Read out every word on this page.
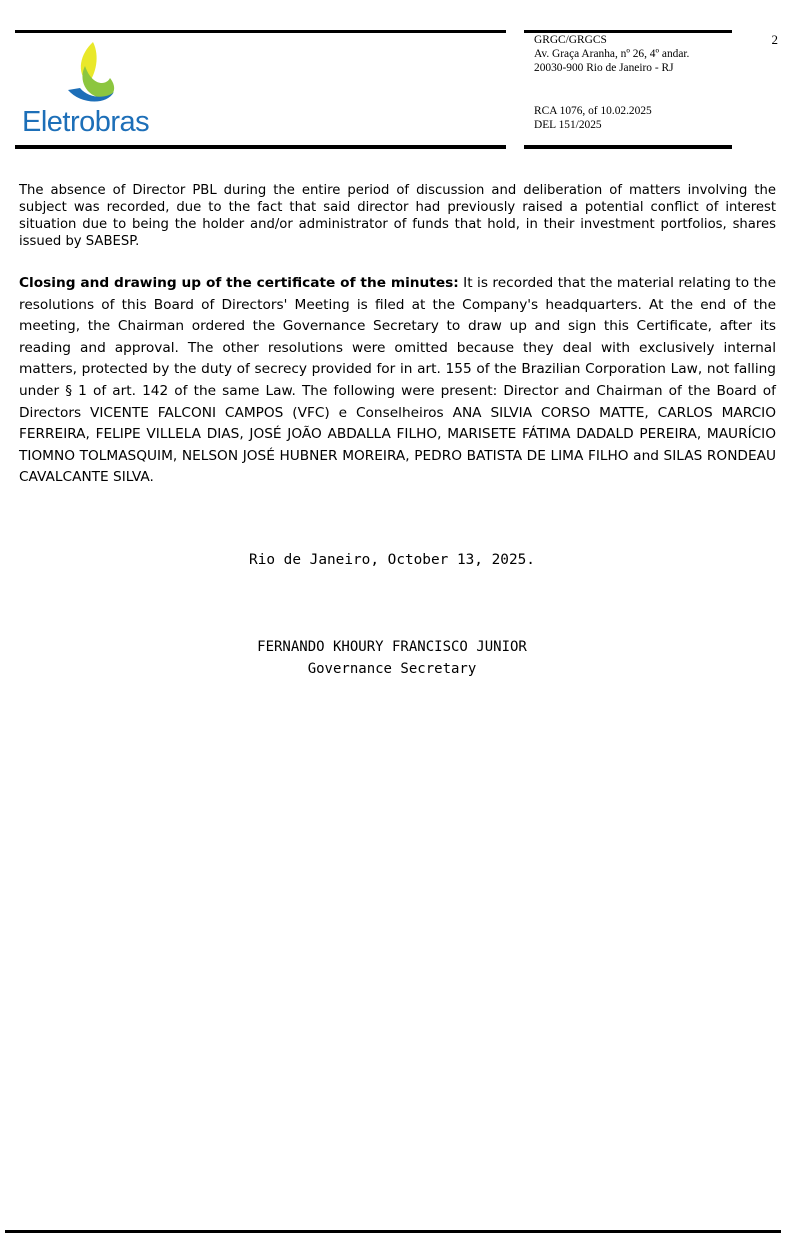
Eletrobras
GRGC/GRGCS
Av. Graça Aranha, nº 26, 4º andar.
20030-900 Rio de Janeiro - RJ
RCA 1076, of 10.02.2025
DEL 151/2025
2

The absence of Director PBL during the entire period of discussion and deliberation of matters involving the subject was recorded, due to the fact that said director had previously raised a potential conflict of interest situation due to being the holder and/or administrator of funds that hold, in their investment portfolios, shares issued by SABESP.

Closing and drawing up of the certificate of the minutes: It is recorded that the material relating to the resolutions of this Board of Directors' Meeting is filed at the Company's headquarters. At the end of the meeting, the Chairman ordered the Governance Secretary to draw up and sign this Certificate, after its reading and approval. The other resolutions were omitted because they deal with exclusively internal matters, protected by the duty of secrecy provided for in art. 155 of the Brazilian Corporation Law, not falling under § 1 of art. 142 of the same Law. The following were present: Director and Chairman of the Board of Directors VICENTE FALCONI CAMPOS (VFC) e Conselheiros ANA SILVIA CORSO MATTE, CARLOS MARCIO FERREIRA, FELIPE VILLELA DIAS, JOSÉ JOÃO ABDALLA FILHO, MARISETE FÁTIMA DADALD PEREIRA, MAURÍCIO TIOMNO TOLMASQUIM, NELSON JOSÉ HUBNER MOREIRA, PEDRO BATISTA DE LIMA FILHO and SILAS RONDEAU CAVALCANTE SILVA.

Rio de Janeiro, October 13, 2025.
FERNANDO KHOURY FRANCISCO JUNIOR
Governance Secretary
